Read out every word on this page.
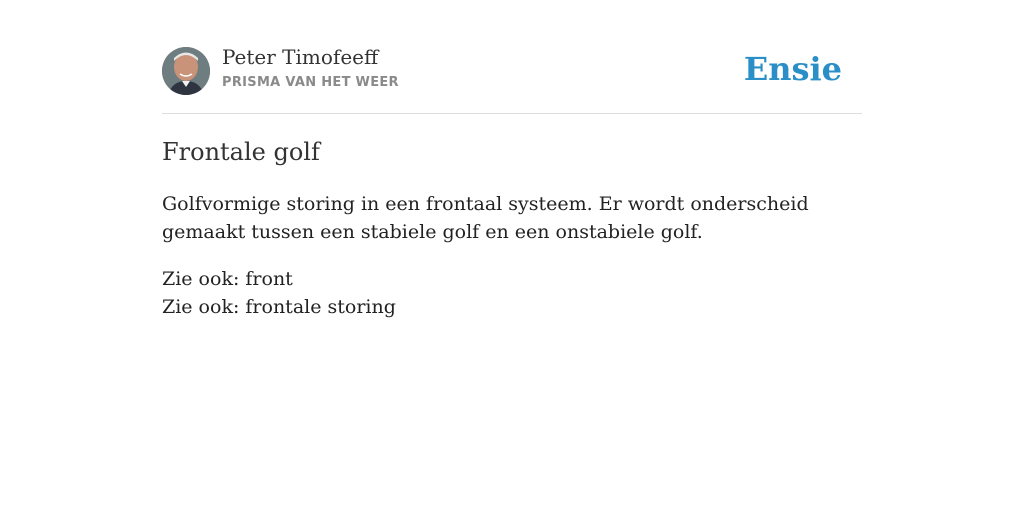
Peter Timofeeff
PRISMA VAN HET WEER	Ensie
Frontale golf

Golfvormige storing in een frontaal systeem. Er wordt onderscheid gemaakt tussen een stabiele golf en een onstabiele golf.

Zie ook: front
Zie ook: frontale storing
